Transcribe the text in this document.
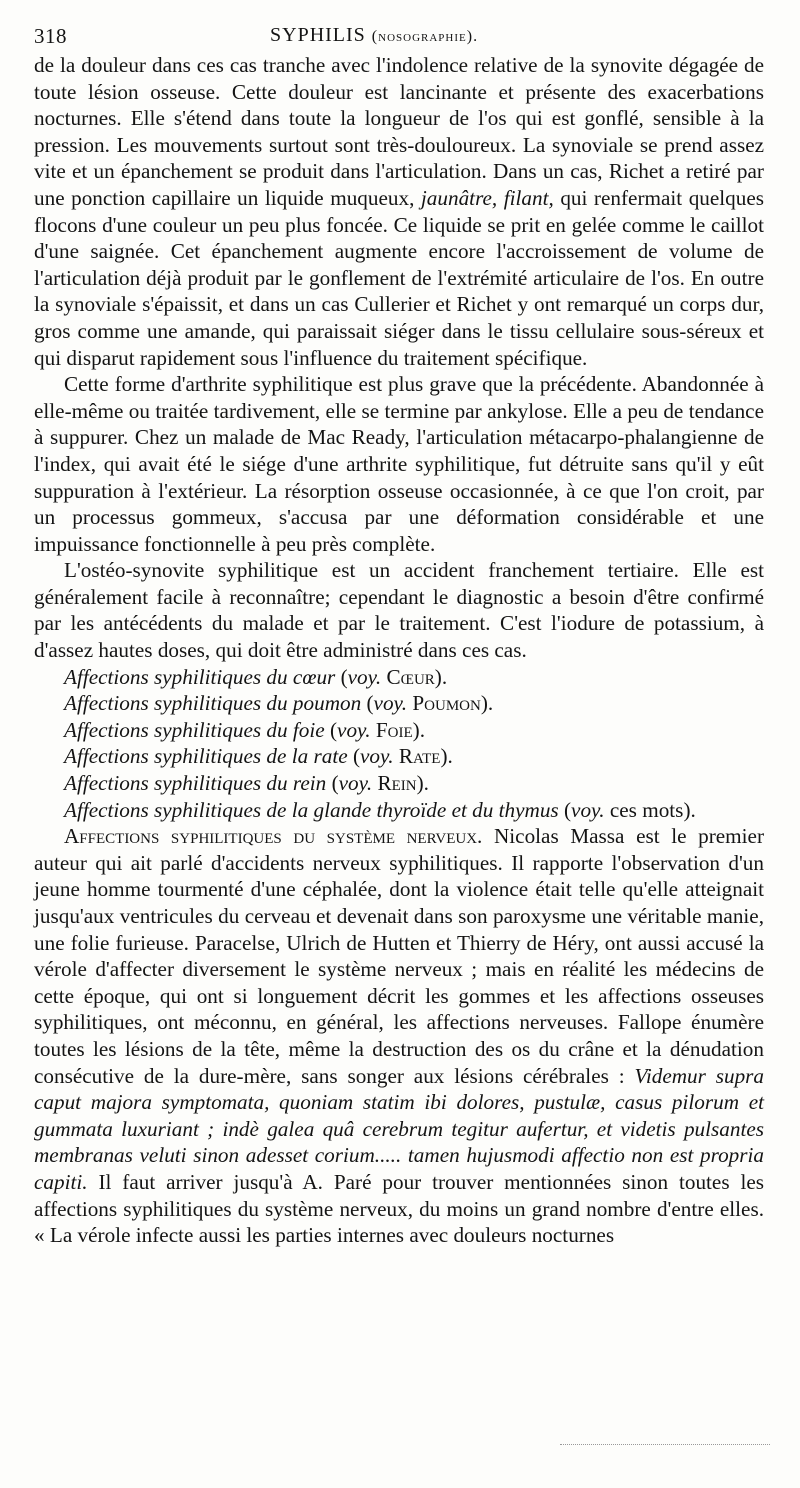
318	SYPHILIS (nosographie).

de la douleur dans ces cas tranche avec l'indolence relative de la synovite dégagée de toute lésion osseuse. Cette douleur est lancinante et présente des exacerbations nocturnes. Elle s'étend dans toute la longueur de l'os qui est gonflé, sensible à la pression. Les mouvements surtout sont très-douloureux. La synoviale se prend assez vite et un épanchement se produit dans l'articulation. Dans un cas, Richet a retiré par une ponction capillaire un liquide muqueux, jaunâtre, filant, qui renfermait quelques flocons d'une couleur un peu plus foncée. Ce liquide se prit en gelée comme le caillot d'une saignée. Cet épanchement augmente encore l'accroissement de volume de l'articulation déjà produit par le gonflement de l'extrémité articulaire de l'os. En outre la synoviale s'épaissit, et dans un cas Cullerier et Richet y ont remarqué un corps dur, gros comme une amande, qui paraissait siéger dans le tissu cellulaire sous-séreux et qui disparut rapidement sous l'influence du traitement spécifique.

Cette forme d'arthrite syphilitique est plus grave que la précédente. Abandonnée à elle-même ou traitée tardivement, elle se termine par ankylose. Elle a peu de tendance à suppurer. Chez un malade de Mac Ready, l'articulation métacarpo-phalangienne de l'index, qui avait été le siége d'une arthrite syphilitique, fut détruite sans qu'il y eût suppuration à l'extérieur. La résorption osseuse occasionnée, à ce que l'on croit, par un processus gommeux, s'accusa par une déformation considérable et une impuissance fonctionnelle à peu près complète.

L'ostéo-synovite syphilitique est un accident franchement tertiaire. Elle est généralement facile à reconnaître; cependant le diagnostic a besoin d'être confirmé par les antécédents du malade et par le traitement. C'est l'iodure de potassium, à d'assez hautes doses, qui doit être administré dans ces cas.

Affections syphilitiques du cœur (voy. Cœur).

Affections syphilitiques du poumon (voy. Poumon).

Affections syphilitiques du foie (voy. Foie).

Affections syphilitiques de la rate (voy. Rate).

Affections syphilitiques du rein (voy. Rein).

Affections syphilitiques de la glande thyroïde et du thymus (voy. ces mots).

Affections syphilitiques du système nerveux. Nicolas Massa est le premier auteur qui ait parlé d'accidents nerveux syphilitiques. Il rapporte l'observation d'un jeune homme tourmenté d'une céphalée, dont la violence était telle qu'elle atteignait jusqu'aux ventricules du cerveau et devenait dans son paroxysme une véritable manie, une folie furieuse. Paracelse, Ulrich de Hutten et Thierry de Héry, ont aussi accusé la vérole d'affecter diversement le système nerveux ; mais en réalité les médecins de cette époque, qui ont si longuement décrit les gommes et les affections osseuses syphilitiques, ont méconnu, en général, les affections nerveuses. Fallope énumère toutes les lésions de la tête, même la destruction des os du crâne et la dénudation consécutive de la dure-mère, sans songer aux lésions cérébrales : Videmur supra caput majora symptomata, quoniam statim ibi dolores, pustulæ, casus pilorum et gummata luxuriant ; indè galea quâ cerebrum tegitur aufertur, et videtis pulsantes membranas veluti sinon adesset corium..... tamen hujusmodi affectio non est propria capiti. Il faut arriver jusqu'à A. Paré pour trouver mentionnées sinon toutes les affections syphilitiques du système nerveux, du moins un grand nombre d'entre elles. « La vérole infecte aussi les parties internes avec douleurs nocturnes
